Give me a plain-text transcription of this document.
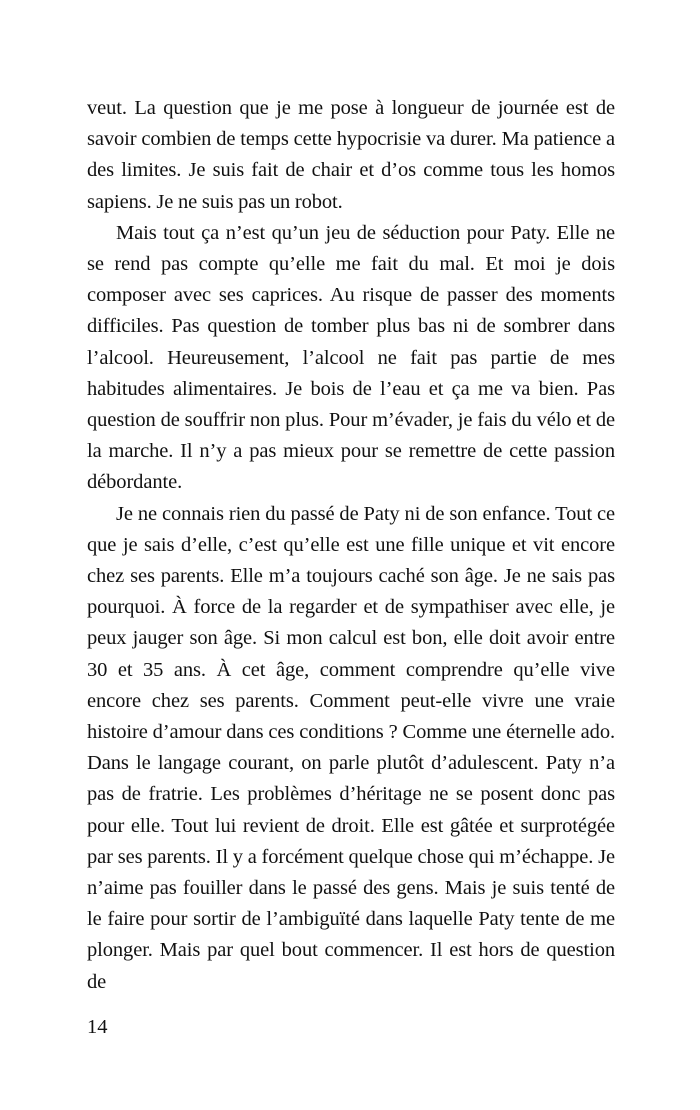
veut. La question que je me pose à longueur de journée est de savoir combien de temps cette hypocrisie va durer. Ma patience a des limites. Je suis fait de chair et d’os comme tous les homos sapiens. Je ne suis pas un robot.

Mais tout ça n’est qu’un jeu de séduction pour Paty. Elle ne se rend pas compte qu’elle me fait du mal. Et moi je dois composer avec ses caprices. Au risque de passer des moments difficiles. Pas question de tomber plus bas ni de sombrer dans l’alcool. Heureusement, l’alcool ne fait pas partie de mes habitudes alimentaires. Je bois de l’eau et ça me va bien. Pas question de souffrir non plus. Pour m’évader, je fais du vélo et de la marche. Il n’y a pas mieux pour se remettre de cette passion débordante.

Je ne connais rien du passé de Paty ni de son enfance. Tout ce que je sais d’elle, c’est qu’elle est une fille unique et vit encore chez ses parents. Elle m’a toujours caché son âge. Je ne sais pas pourquoi. À force de la regarder et de sympathiser avec elle, je peux jauger son âge. Si mon calcul est bon, elle doit avoir entre 30 et 35 ans. À cet âge, comment comprendre qu’elle vive encore chez ses parents. Comment peut-elle vivre une vraie histoire d’amour dans ces conditions ? Comme une éternelle ado. Dans le langage courant, on parle plutôt d’adulescent. Paty n’a pas de fratrie. Les problèmes d’héritage ne se posent donc pas pour elle. Tout lui revient de droit. Elle est gâtée et surprotégée par ses parents. Il y a forcément quelque chose qui m’échappe. Je n’aime pas fouiller dans le passé des gens. Mais je suis tenté de le faire pour sortir de l’ambiguïté dans laquelle Paty tente de me plonger. Mais par quel bout commencer. Il est hors de question de

14
